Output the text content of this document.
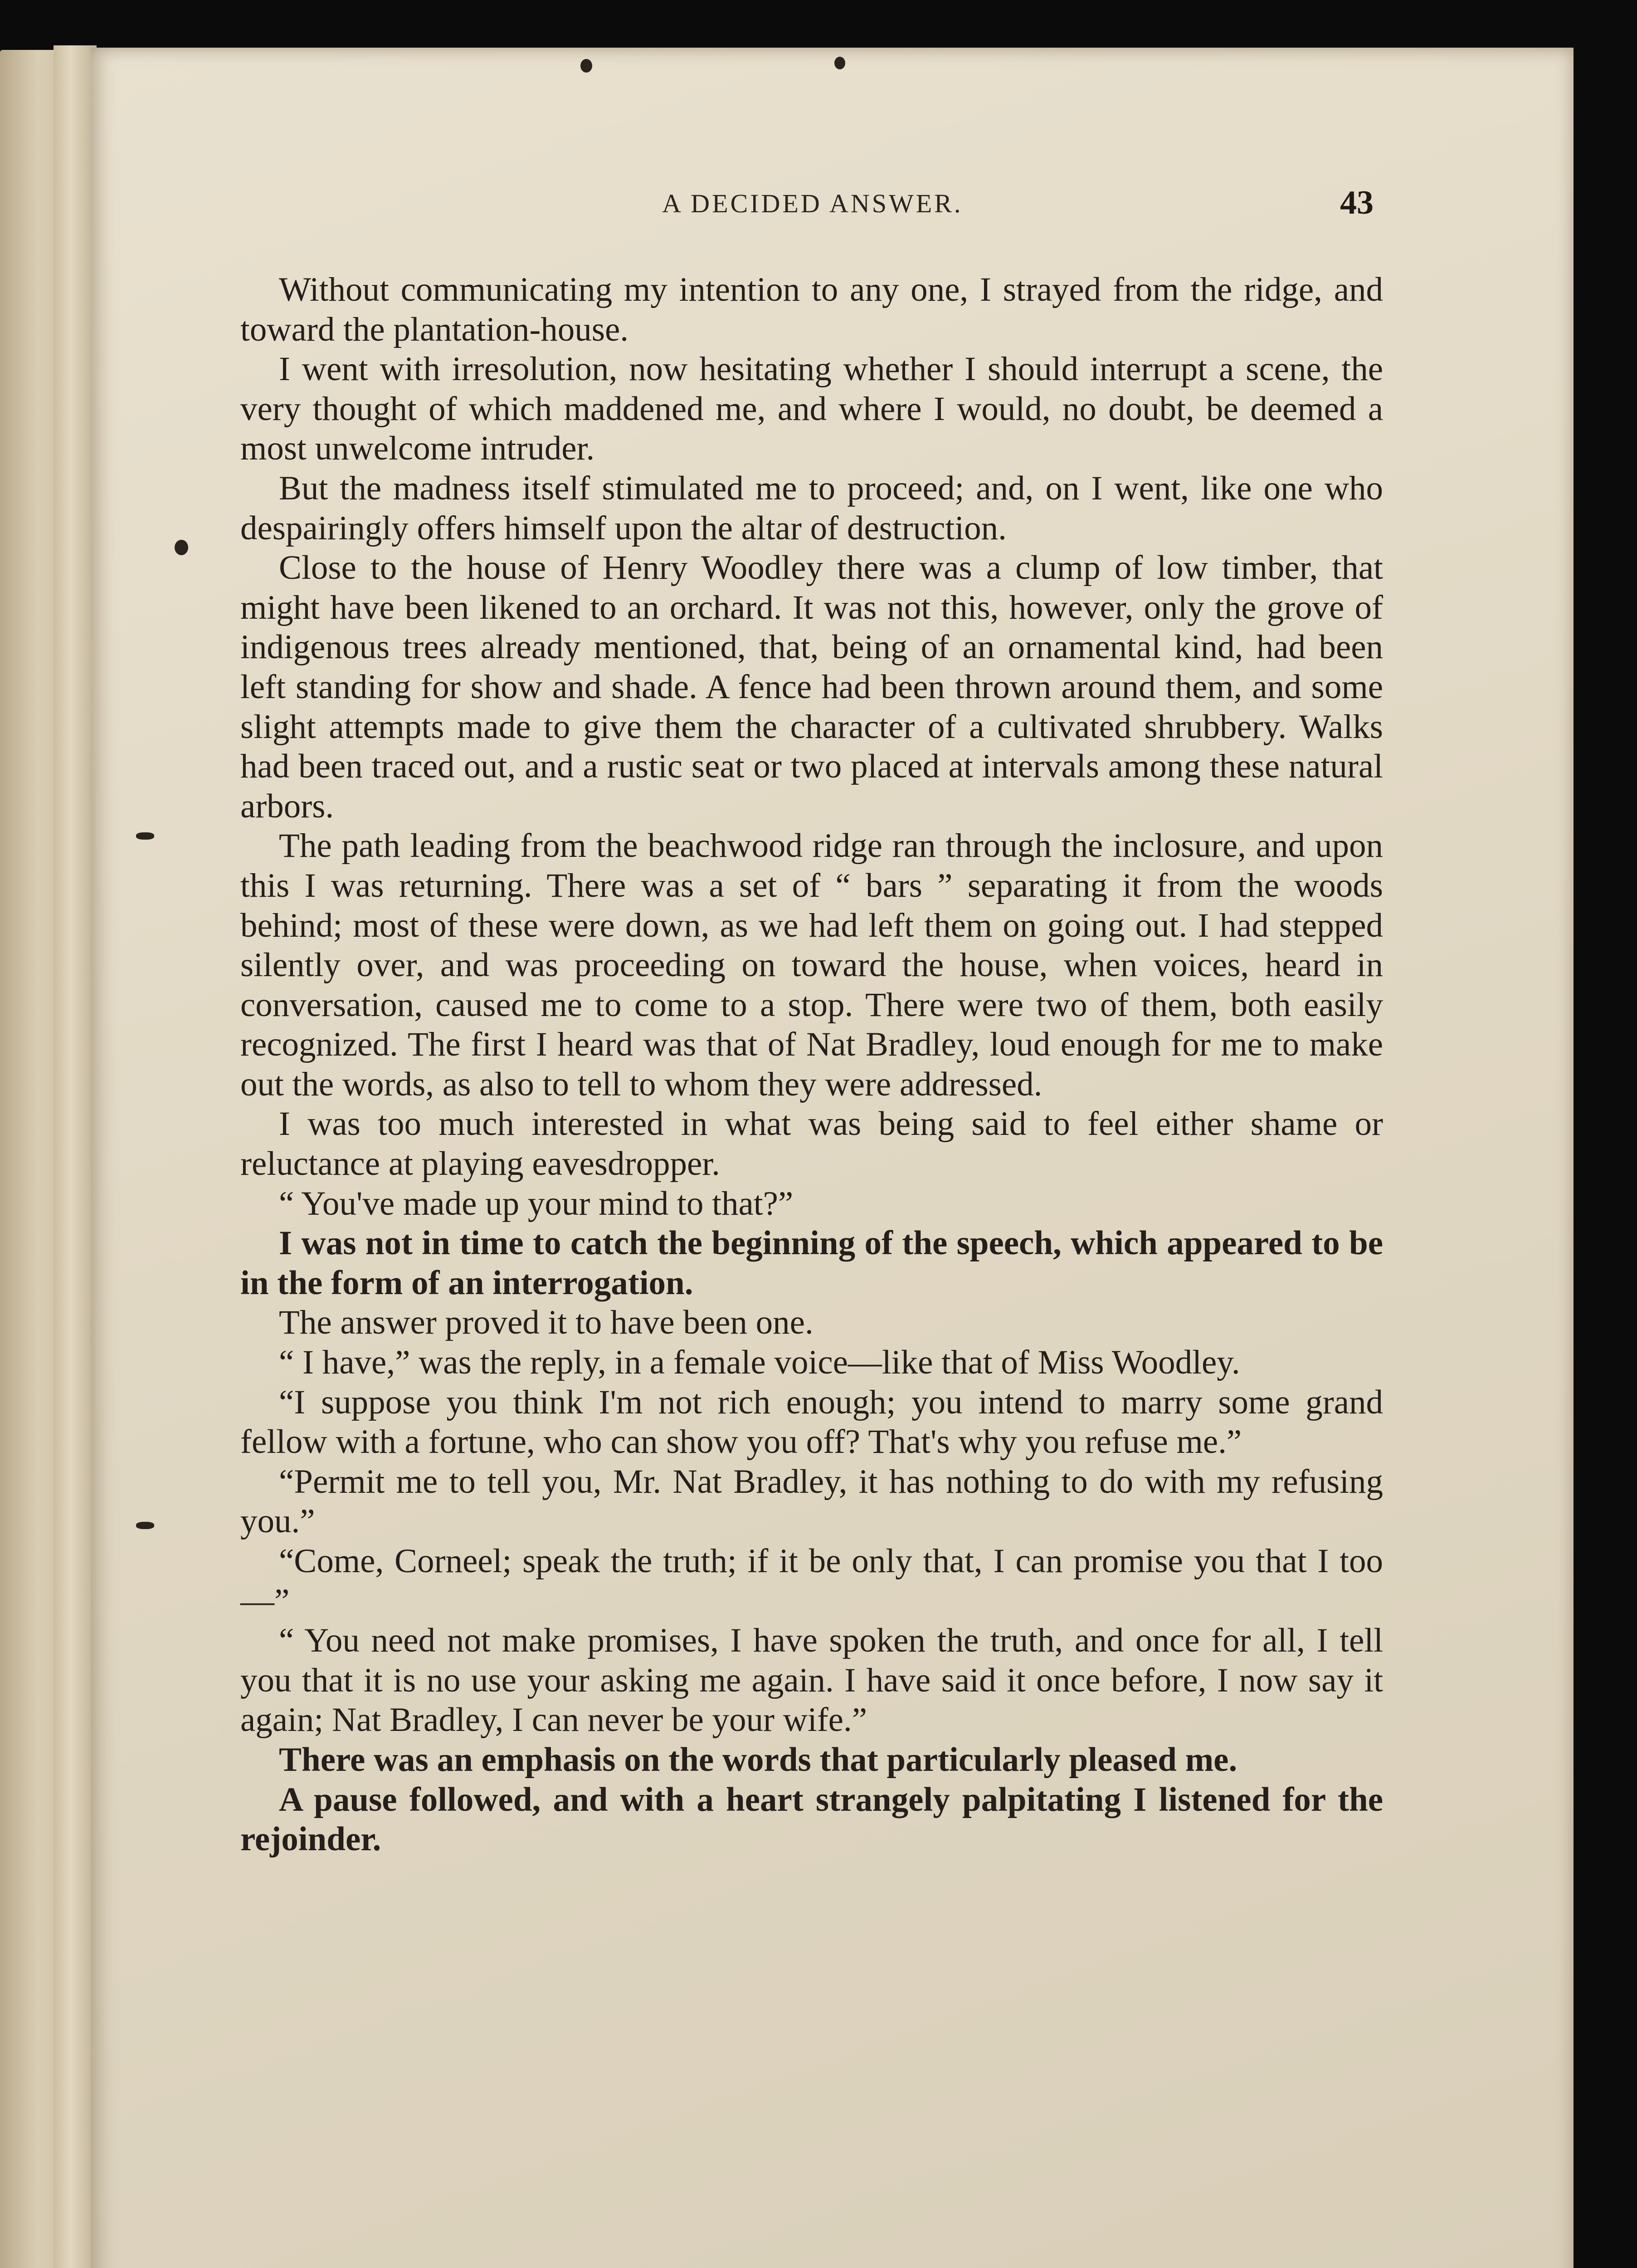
A DECIDED ANSWER.	43

Without communicating my intention to any one, I strayed from the ridge, and toward the plantation-house.

I went with irresolution, now hesitating whether I should interrupt a scene, the very thought of which maddened me, and where I would, no doubt, be deemed a most unwelcome intruder.

But the madness itself stimulated me to proceed; and, on I went, like one who despairingly offers himself upon the altar of destruction.

Close to the house of Henry Woodley there was a clump of low timber, that might have been likened to an orchard. It was not this, however, only the grove of indigenous trees already mentioned, that, being of an ornamental kind, had been left standing for show and shade. A fence had been thrown around them, and some slight attempts made to give them the character of a cultivated shrubbery. Walks had been traced out, and a rustic seat or two placed at intervals among these natural arbors.

The path leading from the beachwood ridge ran through the inclosure, and upon this I was returning. There was a set of “ bars ” separating it from the woods behind; most of these were down, as we had left them on going out. I had stepped silently over, and was proceeding on toward the house, when voices, heard in conversation, caused me to come to a stop. There were two of them, both easily recognized. The first I heard was that of Nat Bradley, loud enough for me to make out the words, as also to tell to whom they were addressed.

I was too much interested in what was being said to feel either shame or reluctance at playing eavesdropper.

“ You've made up your mind to that?”

I was not in time to catch the beginning of the speech, which appeared to be in the form of an interrogation.

The answer proved it to have been one.

“ I have,” was the reply, in a female voice—like that of Miss Woodley.

“I suppose you think I'm not rich enough; you intend to marry some grand fellow with a fortune, who can show you off? That's why you refuse me.”

“Permit me to tell you, Mr. Nat Bradley, it has nothing to do with my refusing you.”

“Come, Corneel; speak the truth; if it be only that, I can promise you that I too—”

“ You need not make promises, I have spoken the truth, and once for all, I tell you that it is no use your asking me again. I have said it once before, I now say it again; Nat Bradley, I can never be your wife.”

There was an emphasis on the words that particularly pleased me.

A pause followed, and with a heart strangely palpitating I listened for the rejoinder.
